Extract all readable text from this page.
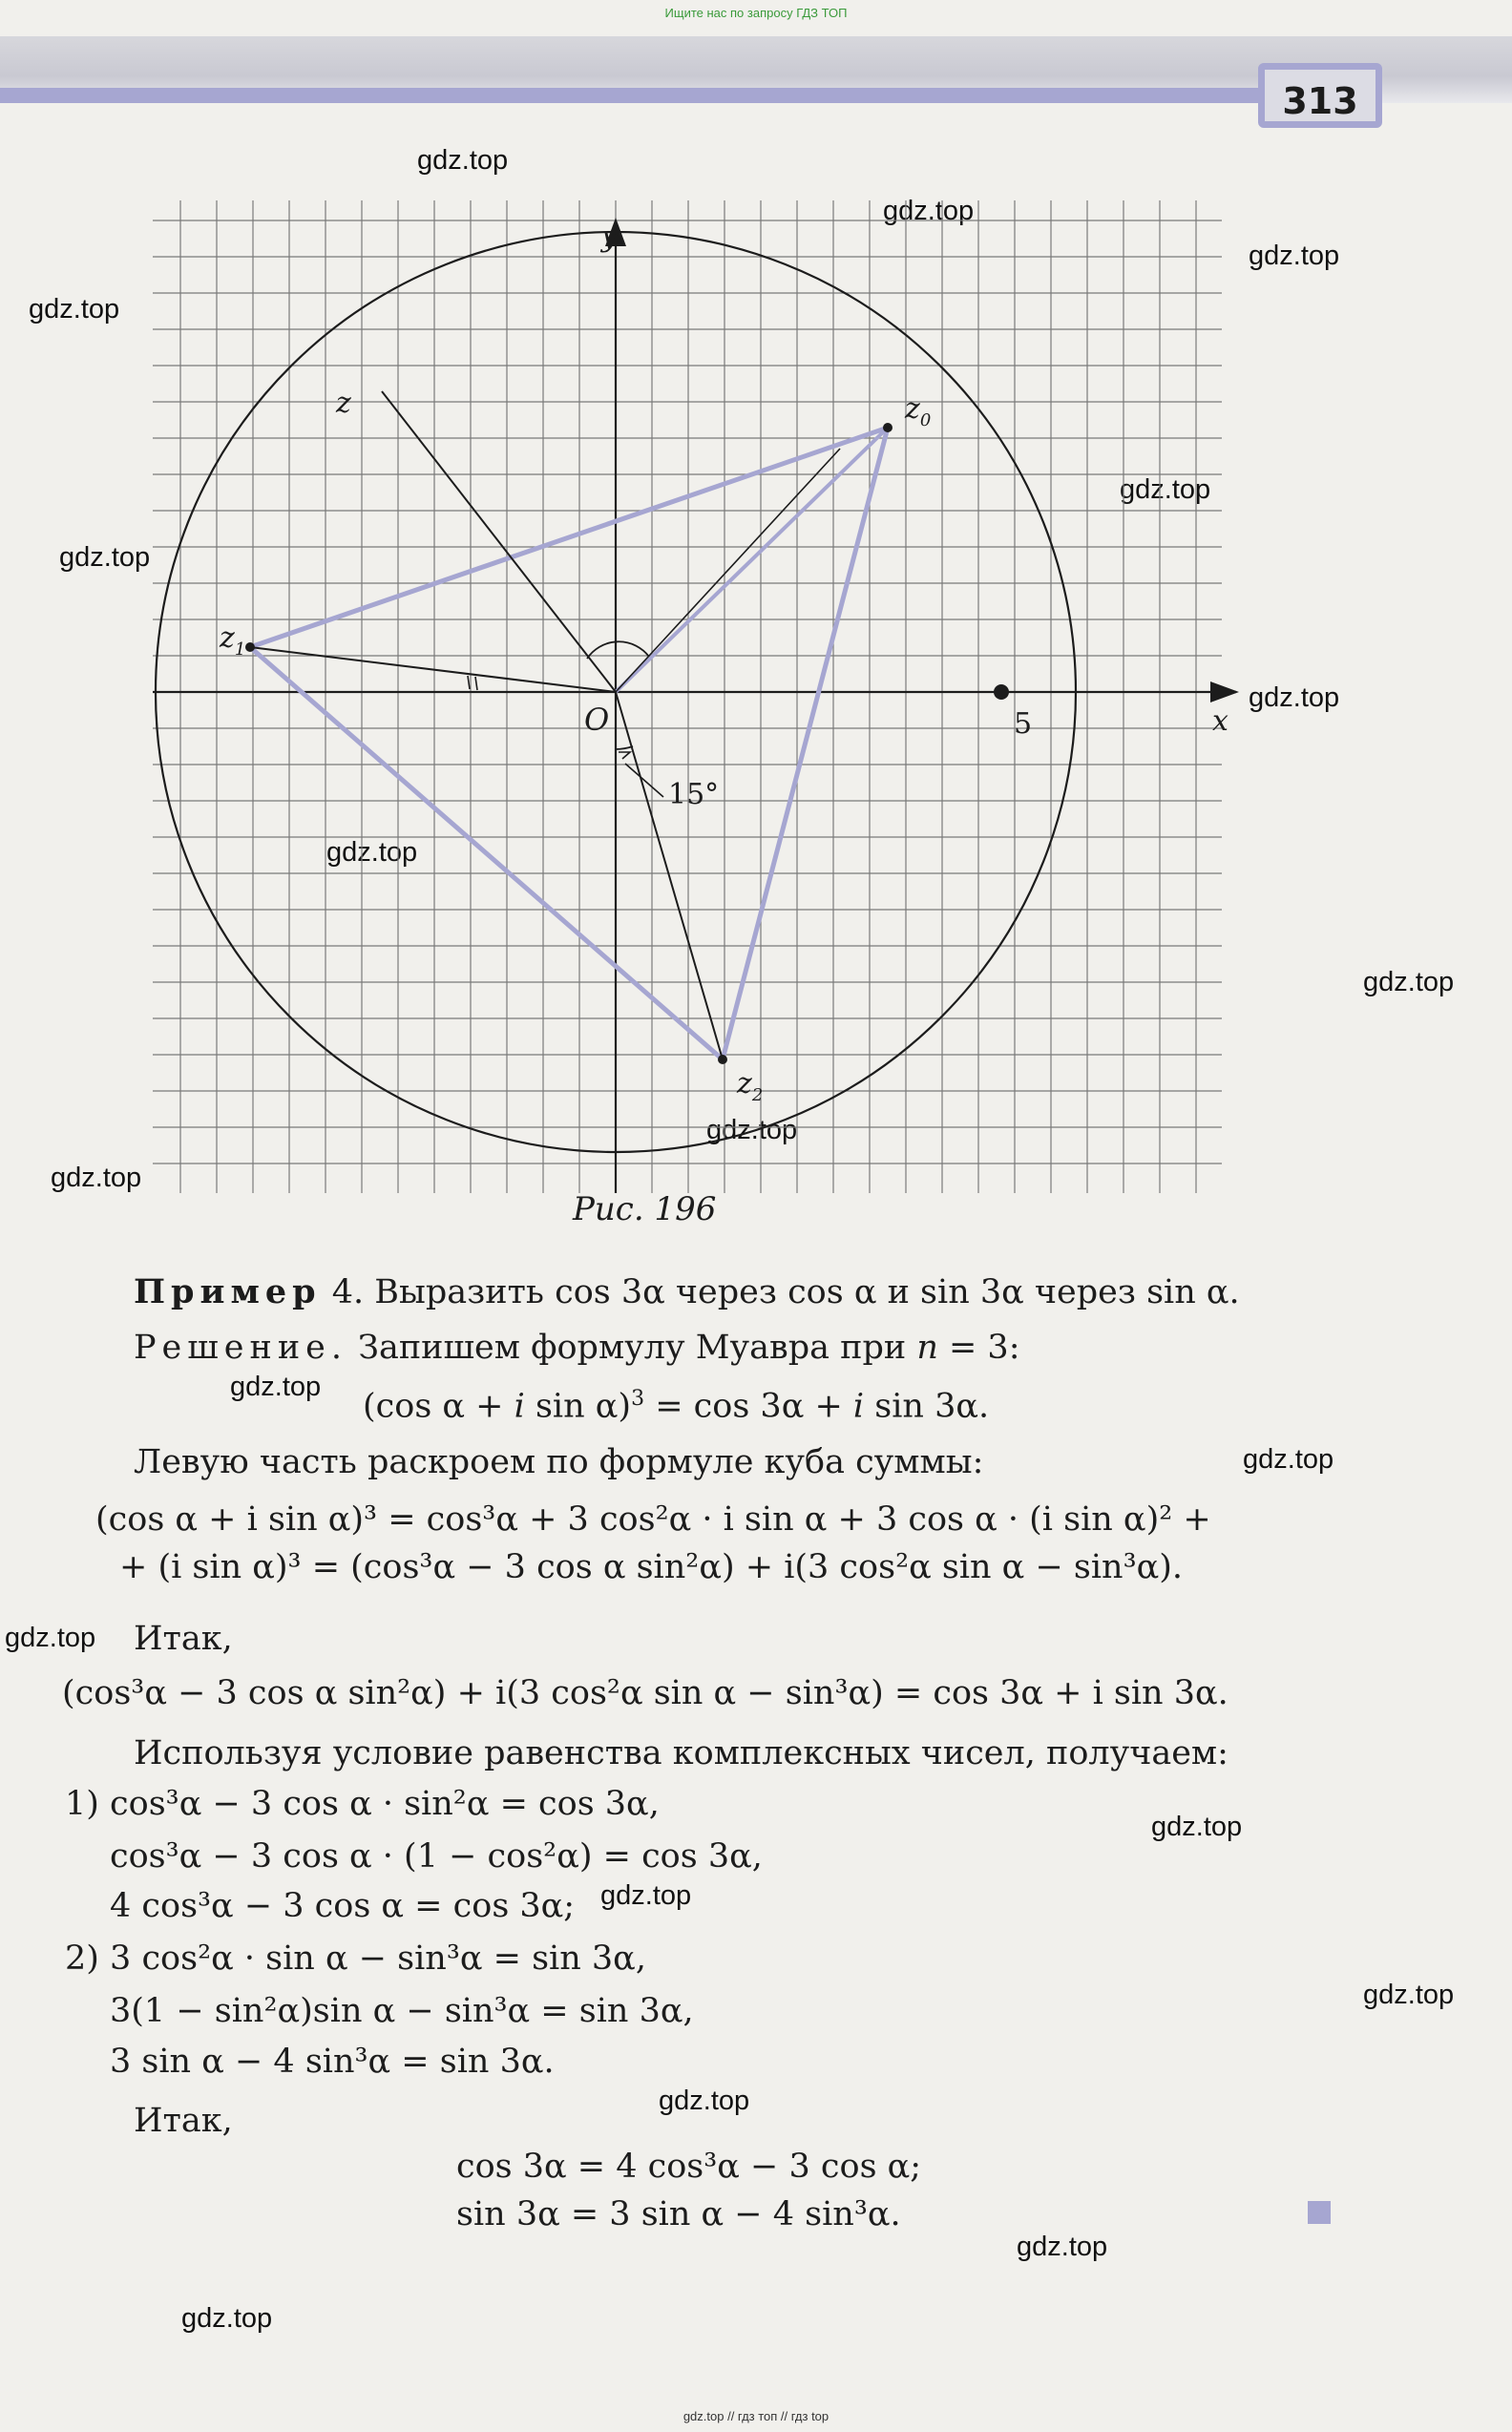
Ищите нас по запросу ГДЗ ТОП
313
gdz.top
gdz.top
gdz.top
gdz.top
gdz.top
gdz.top
gdz.top
gdz.top
gdz.top
gdz.top
gdz.top
gdz.top
gdz.top
gdz.top
gdz.top
gdz.top
gdz.top
gdz.top
gdz.top
gdz.top
y
x
O	5
15°
$z_0$
$z_1$
$z_2$
z
Рис. 196
Пример 4. Выразить cos 3α через cos α и sin 3α через sin α.
Решение. Запишем формулу Муавра при n = 3:
(cos α + i sin α)$^3$ = cos 3α + i sin 3α.
Левую часть раскроем по формуле куба суммы:
(cos α + i sin α)³ = cos³α + 3 cos²α · i sin α + 3 cos α · (i sin α)² +
+ (i sin α)³ = (cos³α − 3 cos α sin²α) + i(3 cos²α sin α − sin³α).
Итак,
(cos³α − 3 cos α sin²α) + i(3 cos²α sin α − sin³α) = cos 3α + i sin 3α.
Используя условие равенства комплексных чисел, получаем:
1) cos³α − 3 cos α · sin²α = cos 3α,
cos³α − 3 cos α · (1 − cos²α) = cos 3α,
4 cos³α − 3 cos α = cos 3α;
2) 3 cos²α · sin α − sin³α = sin 3α,
3(1 − sin²α)sin α − sin³α = sin 3α,
3 sin α − 4 sin³α = sin 3α.
Итак,
cos 3α = 4 cos³α − 3 cos α;
sin 3α = 3 sin α − 4 sin³α.
gdz.top // гдз топ // гдз top
